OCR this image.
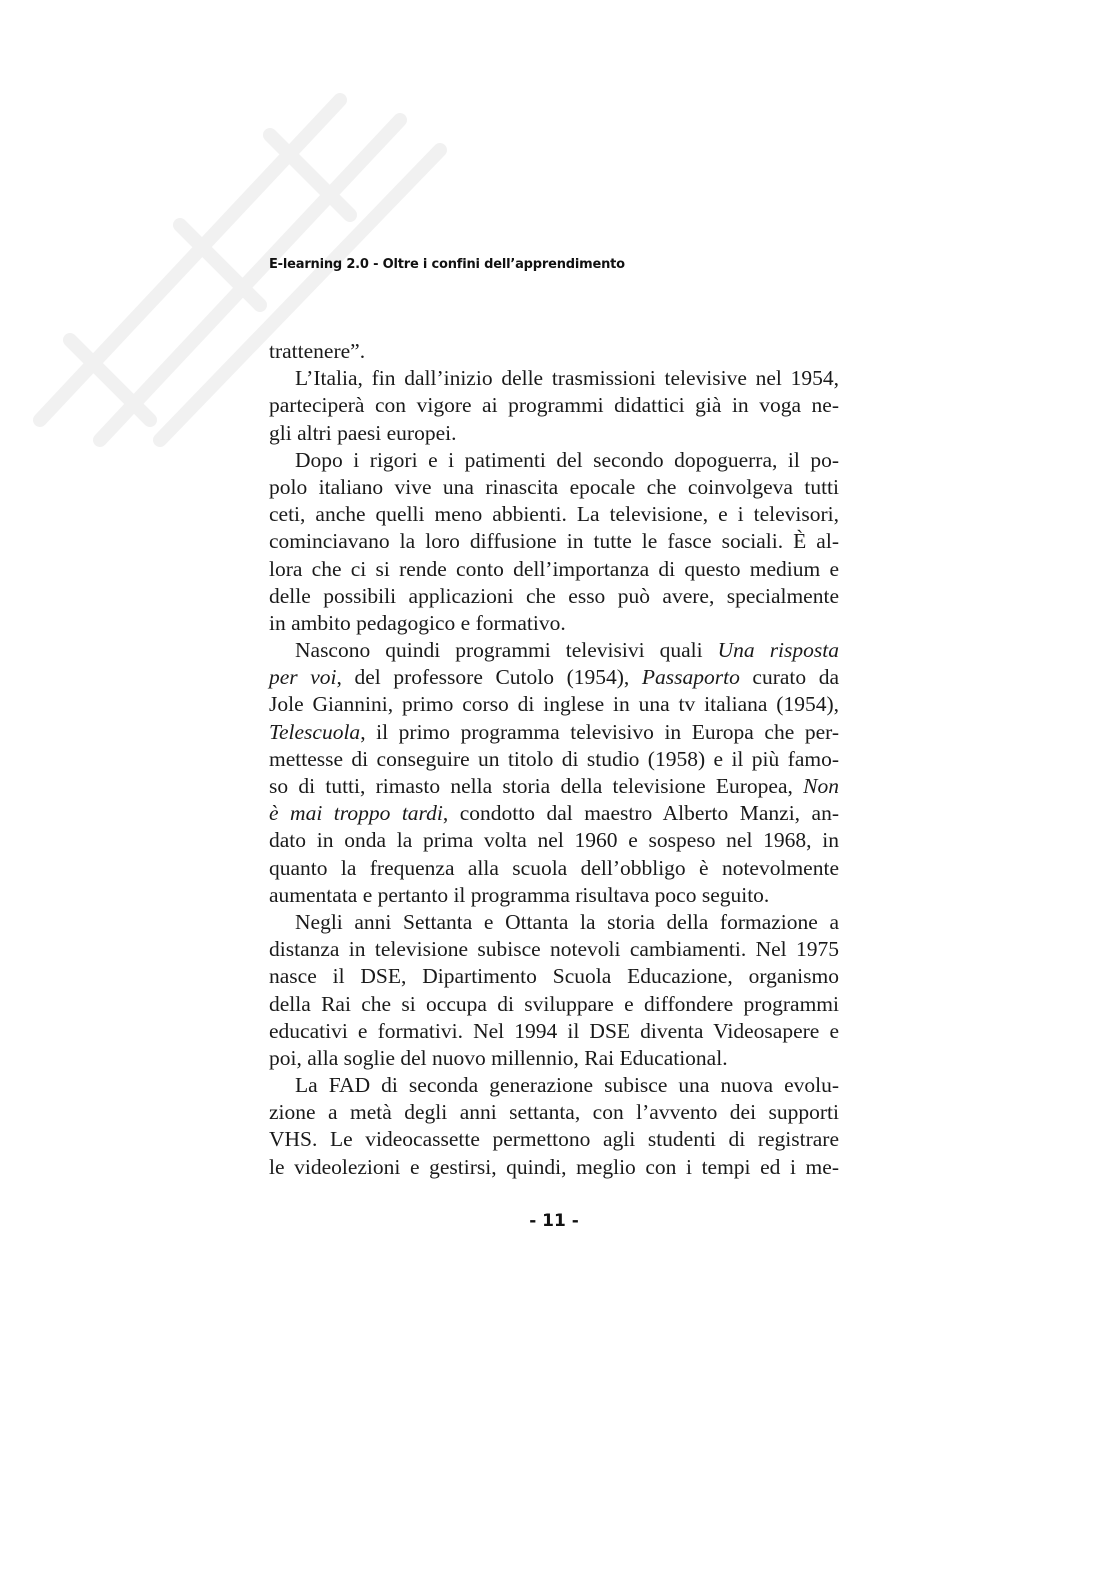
E-learning 2.0 - Oltre i confini dell’apprendimento
trattenere”.
L’Italia, fin dall’inizio delle trasmissioni televisive nel 1954,
parteciperà con vigore ai programmi didattici già in voga ne-
gli altri paesi europei.
Dopo i rigori e i patimenti del secondo dopoguerra, il po-
polo italiano vive una rinascita epocale che coinvolgeva tutti
ceti, anche quelli meno abbienti. La televisione, e i televisori,
cominciavano la loro diffusione in tutte le fasce sociali. È al-
lora che ci si rende conto dell’importanza di questo medium e
delle possibili applicazioni che esso può avere, specialmente
in ambito pedagogico e formativo.
Nascono quindi programmi televisivi quali Una risposta
per voi, del professore Cutolo (1954), Passaporto curato da
Jole Giannini, primo corso di inglese in una tv italiana (1954),
Telescuola, il primo programma televisivo in Europa che per-
mettesse di conseguire un titolo di studio (1958) e il più famo-
so di tutti, rimasto nella storia della televisione Europea, Non
è mai troppo tardi, condotto dal maestro Alberto Manzi, an-
dato in onda la prima volta nel 1960 e sospeso nel 1968, in
quanto la frequenza alla scuola dell’obbligo è notevolmente
aumentata e pertanto il programma risultava poco seguito.
Negli anni Settanta e Ottanta la storia della formazione a
distanza in televisione subisce notevoli cambiamenti. Nel 1975
nasce il DSE, Dipartimento Scuola Educazione, organismo
della Rai che si occupa di sviluppare e diffondere programmi
educativi e formativi. Nel 1994 il DSE diventa Videosapere e
poi, alla soglie del nuovo millennio, Rai Educational.
La FAD di seconda generazione subisce una nuova evolu-
zione a metà degli anni settanta, con l’avvento dei supporti
VHS. Le videocassette permettono agli studenti di registrare
le videolezioni e gestirsi, quindi, meglio con i tempi ed i me-
- 11 -
